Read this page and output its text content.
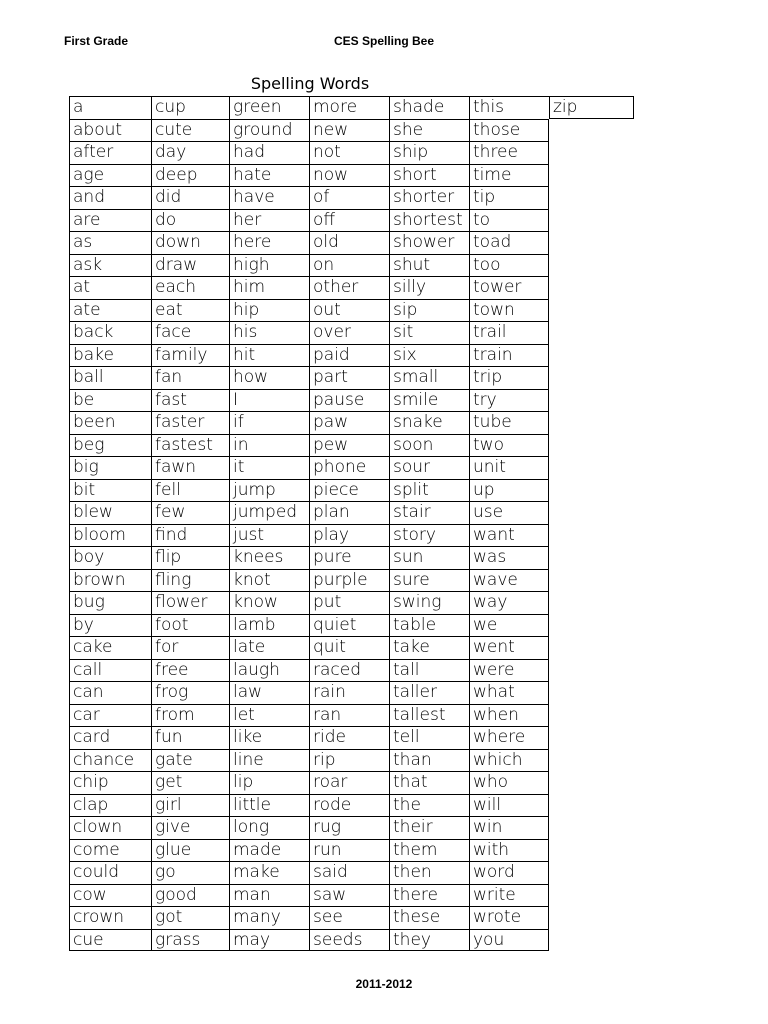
First Grade	CES Spelling Bee
Spelling Words
a
about
after
age
and
are
as
ask
at
ate
back
bake
ball
be
been
beg
big
bit
blew
bloom
boy
brown
bug
by
cake
call
can
car
card
chance
chip
clap
clown
come
could
cow
crown
cue
cup
cute
day
deep
did
do
down
draw
each
eat
face
family
fan
fast
faster
fastest
fawn
fell
few
find
flip
fling
flower
foot
for
free
frog
from
fun
gate
get
girl
give
glue
go
good
got
grass
green
ground
had
hate
have
her
here
high
him
hip
his
hit
how
I
if
in
it
jump
jumped
just
knees
knot
know
lamb
late
laugh
law
let
like
line
lip
little
long
made
make
man
many
may
more
new
not
now
of
off
old
on
other
out
over
paid
part
pause
paw
pew
phone
piece
plan
play
pure
purple
put
quiet
quit
raced
rain
ran
ride
rip
roar
rode
rug
run
said
saw
see
seeds
shade
she
ship
short
shorter
shortest
shower
shut
silly
sip
sit
six
small
smile
snake
soon
sour
split
stair
story
sun
sure
swing
table
take
tall
taller
tallest
tell
than
that
the
their
them
then
there
these
they
this
those
three
time
tip
to
toad
too
tower
town
trail
train
trip
try
tube
two
unit
up
use
want
was
wave
way
we
went
were
what
when
where
which
who
will
win
with
word
write
wrote
you
zip
2011-2012
